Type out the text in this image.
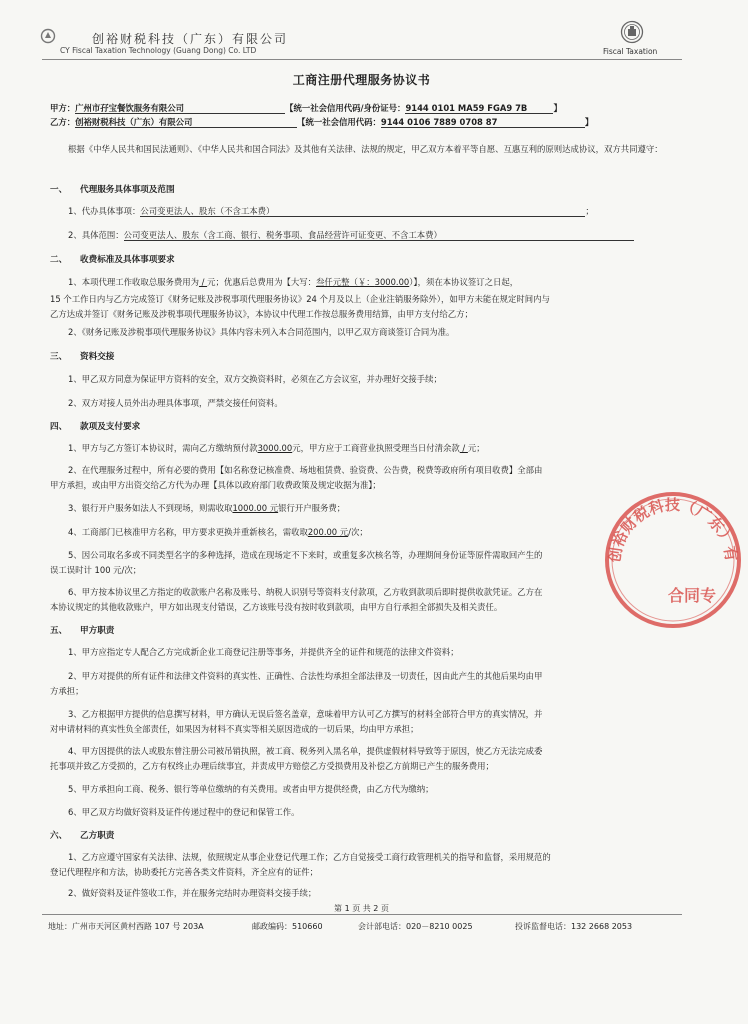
创裕财税科技（广东）有限公司
CY Fiscal Taxation Technology (Guang Dong) Co. LTD	Fiscal Taxation
工商注册代理服务协议书
甲方：广州市孖宝餐饮服务有限公司	【统一社会信用代码/身份证号：9144 0101 MA59 FGA9 7B	】
乙方：创裕财税科技（广东）有限公司	【统一社会信用代码：9144 0106 7889 0708 87	】
根据《中华人民共和国民法通则》、《中华人民共和国合同法》及其他有关法律、法规的规定，甲乙双方本着平等自愿、互惠互利的原则达成协议，双方共同遵守：
一、 代理服务具体事项及范围
1、代办具体事项：公司变更法人、股东（不含工本费）	；
2、具体范围：公司变更法人、股东（含工商、银行、税务事项、食品经营许可证变更、不含工本费）
二、 收费标准及具体事项要求
1、本项代理工作收取总服务费用为 / 元；优惠后总费用为【大写：叁仟元整（￥：3000.00）】，须在本协议签订之日起，
15 个工作日内与乙方完成签订《财务记账及涉税事项代理服务协议》24 个月及以上（企业注销服务除外），如甲方未能在规定时间内与
乙方达成并签订《财务记账及涉税事项代理服务协议》，本协议中代理工作按总服务费用结算，由甲方支付给乙方；
2、《财务记账及涉税事项代理服务协议》具体内容未列入本合同范围内，以甲乙双方商谈签订合同为准。
三、 资料交接
1、甲乙双方同意为保证甲方资料的安全，双方交换资料时，必须在乙方会议室，并办理好交接手续；
2、双方对接人员外出办理具体事项，严禁交接任何资料。
四、 款项及支付要求
1、甲方与乙方签订本协议时，需向乙方缴纳预付款3000.00元，甲方应于工商营业执照受理当日付清余款 / 元；
2、在代理服务过程中，所有必要的费用【如名称登记核准费、场地租赁费、验资费、公告费，税费等政府所有项目收费】全部由
甲方承担，或由甲方出资交给乙方代为办理【具体以政府部门收费政策及规定收据为准】；
3、银行开户服务如法人不到现场，则需收取1000.00 元银行开户服务费；
4、工商部门已核准甲方名称，甲方要求更换并重新核名，需收取200.00 元/次；
5、因公司取名多或不同类型名字的多种选择，造成在现场定不下来时，或重复多次核名等，办理期间身份证等原件需取回产生的
误工误时计 100 元/次；
6、甲方按本协议里乙方指定的收款账户名称及账号、纳税人识别号等资料支付款项，乙方收到款项后即时提供收款凭证。乙方在
本协议规定的其他收款账户，甲方如出现支付错误，乙方该账号没有按时收到款项，由甲方自行承担全部损失及相关责任。
五、 甲方职责
1、甲方应指定专人配合乙方完成新企业工商登记注册等事务，并提供齐全的证件和规范的法律文件资料；
2、甲方对提供的所有证件和法律文件资料的真实性、正确性、合法性均承担全部法律及一切责任，因由此产生的其他后果均由甲
方承担；
3、乙方根据甲方提供的信息撰写材料，甲方确认无误后签名盖章，意味着甲方认可乙方撰写的材料全部符合甲方的真实情况，并
对申请材料的真实性负全部责任，如果因为材料不真实等相关原因造成的一切后果，均由甲方承担；
4、甲方因提供的法人或股东曾注册公司被吊销执照，被工商、税务列入黑名单，提供虚假材料导致等于原因，使乙方无法完成委
托事项并致乙方受损的，乙方有权终止办理后续事宜，并责成甲方赔偿乙方受损费用及补偿乙方前期已产生的服务费用；
5、甲方承担向工商、税务、银行等单位缴纳的有关费用。或者由甲方提供经费，由乙方代为缴纳；
6、甲乙双方均做好资料及证件传递过程中的登记和保管工作。
六、 乙方职责
1、乙方应遵守国家有关法律、法规，依照规定从事企业登记代理工作；乙方自觉接受工商行政管理机关的指导和监督，采用规范的
登记代理程序和方法，协助委托方完善各类文件资料，齐全应有的证件；
2、做好资料及证件签收工作，并在服务完结时办理资料交接手续；
第 1 页 共 2 页
地址：广州市天河区黄村西路 107 号 203A	邮政编码：510660	会计部电话：020－8210 0025	投诉监督电话：132 2668 2053
创裕财税科技（广东）有
合同专
